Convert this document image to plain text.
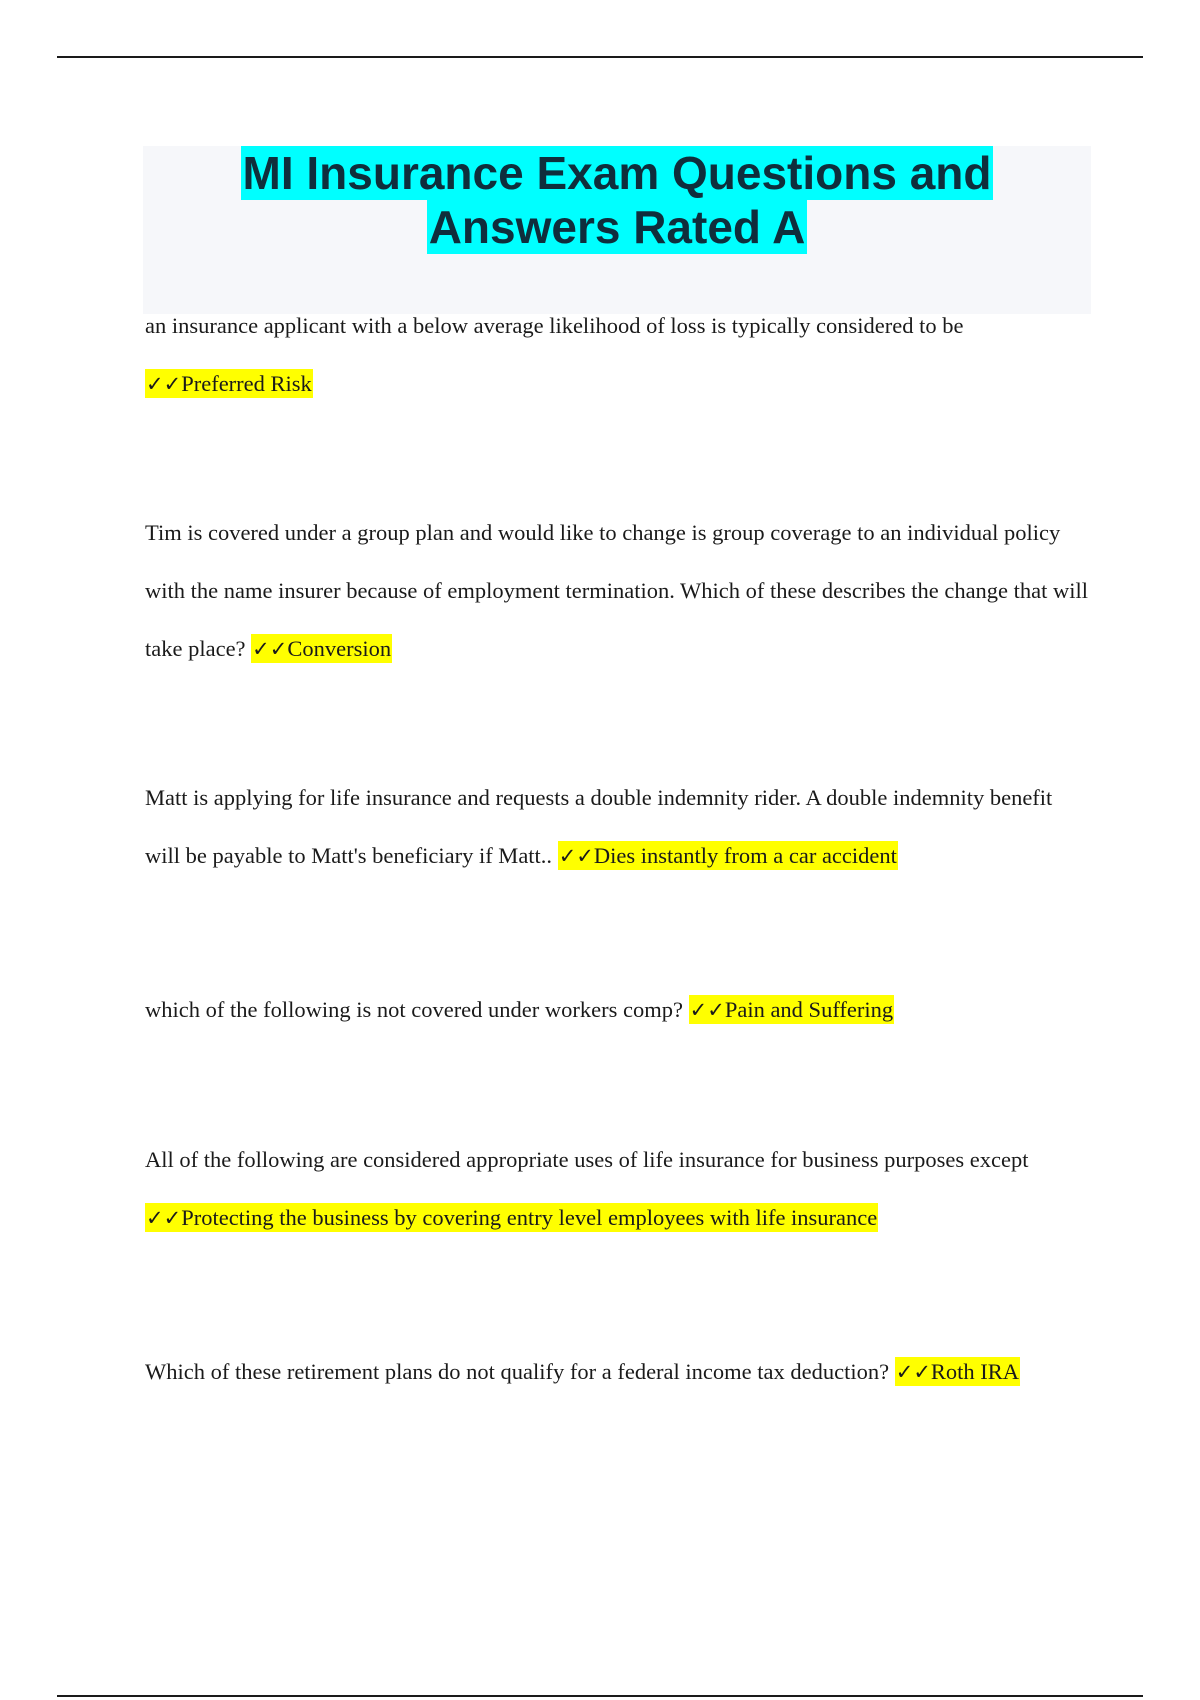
MI Insurance Exam Questions and
Answers Rated A
an insurance applicant with a below average likelihood of loss is typically considered to be
✓✓Preferred Risk
Tim is covered under a group plan and would like to change is group coverage to an individual policy with the name insurer because of employment termination. Which of these describes the change that will take place? ✓✓Conversion
Matt is applying for life insurance and requests a double indemnity rider. A double indemnity benefit will be payable to Matt's beneficiary if Matt.. ✓✓Dies instantly from a car accident
which of the following is not covered under workers comp? ✓✓Pain and Suffering
All of the following are considered appropriate uses of life insurance for business purposes except ✓✓Protecting the business by covering entry level employees with life insurance
Which of these retirement plans do not qualify for a federal income tax deduction? ✓✓Roth IRA
